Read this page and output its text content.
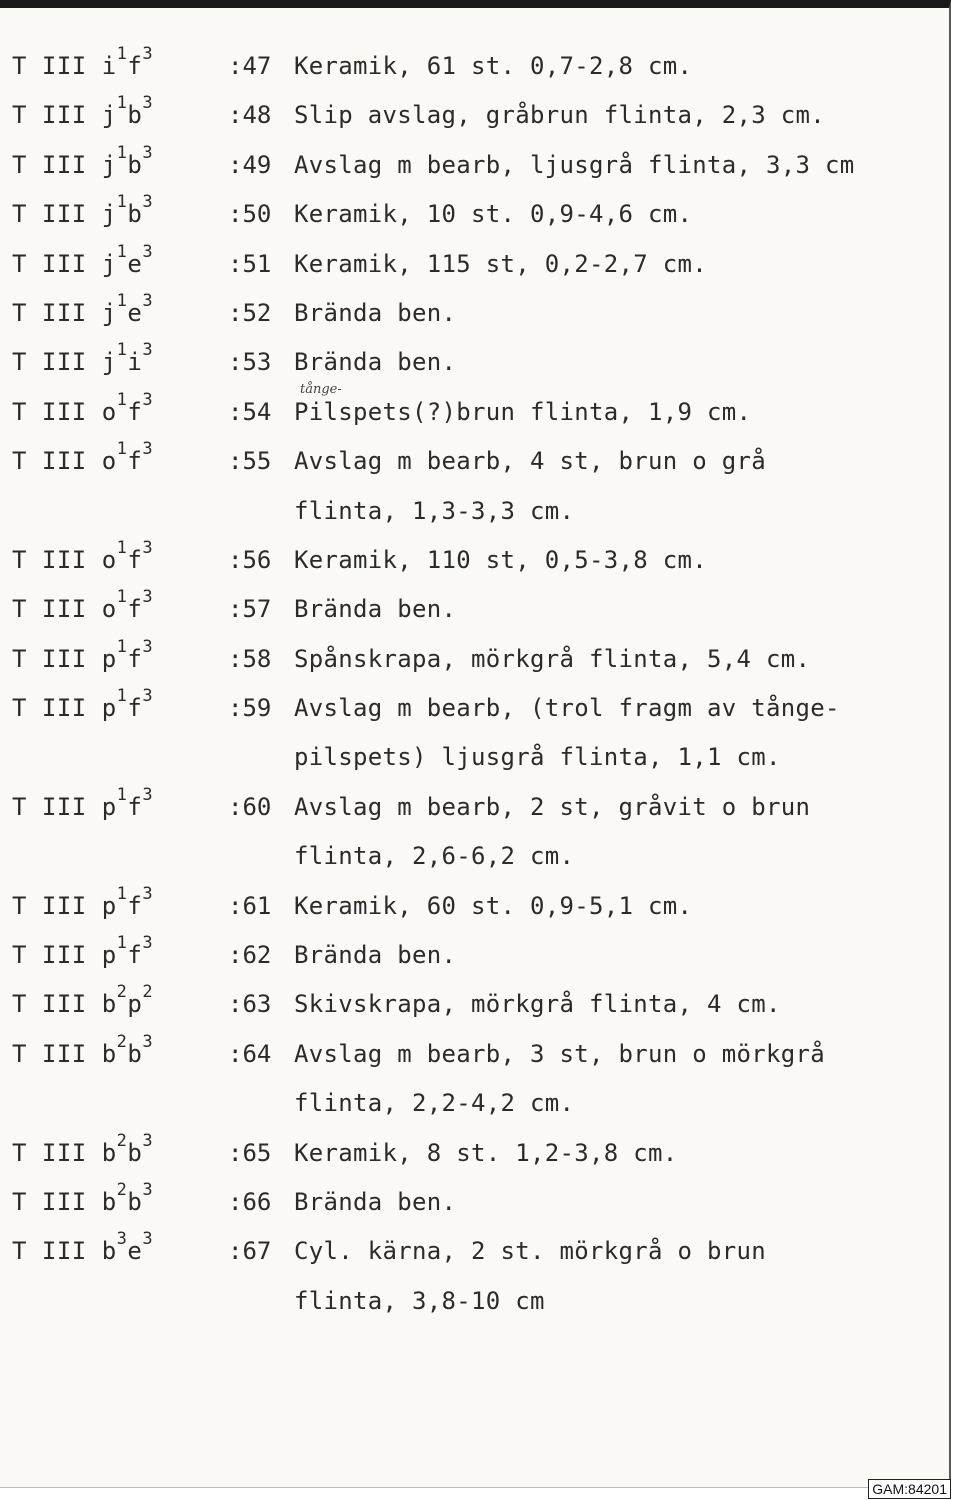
T III $i^1f^3$	:47 Keramik, 61 st. 0,7-2,8 cm.
T III $j^1b^3$	:48 Slip avslag, gråbrun flinta, 2,3 cm.
T III $j^1b^3$	:49 Avslag m bearb, ljusgrå flinta, 3,3 cm
T III $j^1b^3$	:50 Keramik, 10 st. 0,9-4,6 cm.
T III $j^1e^3$	:51 Keramik, 115 st, 0,2-2,7 cm.
T III $j^1e^3$	:52 Brända ben.
T III $j^1i^3$	:53 Brända ben.
T III $o^1f^3$	:54 Pilspets(?)brun flinta, 1,9 cm.
T III $o^1f^3$	:55 Avslag m bearb, 4 st, brun o grå
flinta, 1,3-3,3 cm.
T III $o^1f^3$	:56 Keramik, 110 st, 0,5-3,8 cm.
T III $o^1f^3$	:57 Brända ben.
T III $p^1f^3$	:58 Spånskrapa, mörkgrå flinta, 5,4 cm.
T III $p^1f^3$	:59 Avslag m bearb, (trol fragm av tånge-
pilspets) ljusgrå flinta, 1,1 cm.
T III $p^1f^3$	:60 Avslag m bearb, 2 st, gråvit o brun
flinta, 2,6-6,2 cm.
T III $p^1f^3$	:61 Keramik, 60 st. 0,9-5,1 cm.
T III $p^1f^3$	:62 Brända ben.
T III $b^2p^2$	:63 Skivskrapa, mörkgrå flinta, 4 cm.
T III $b^2b^3$	:64 Avslag m bearb, 3 st, brun o mörkgrå
flinta, 2,2-4,2 cm.
T III $b^2b^3$	:65 Keramik, 8 st. 1,2-3,8 cm.
T III $b^2b^3$	:66 Brända ben.
T III $b^3e^3$	:67 Cyl. kärna, 2 st. mörkgrå o brun
flinta, 3,8-10 cm
tånge-
GAM:84201
